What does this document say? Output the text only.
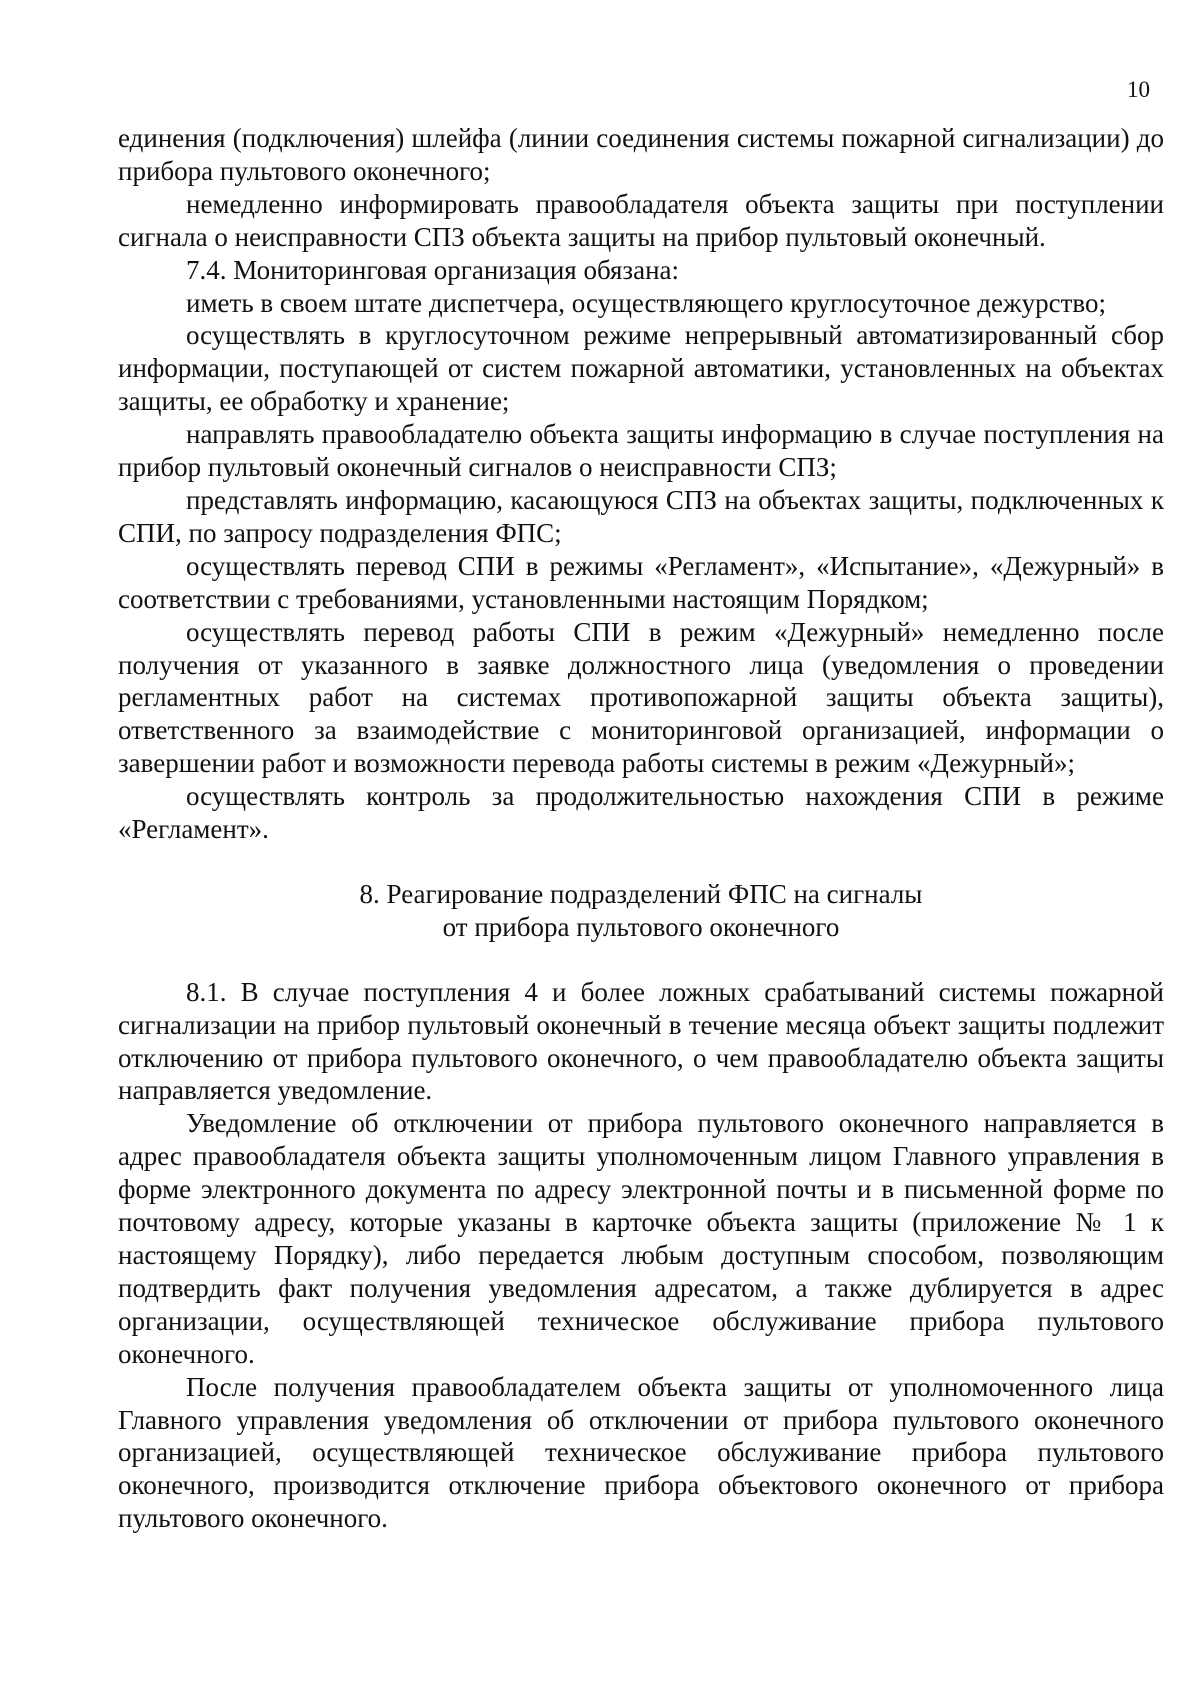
10

единения (подключения) шлейфа (линии соединения системы пожарной сигнализации) до прибора пультового оконечного;

немедленно информировать правообладателя объекта защиты при поступлении сигнала о неисправности СПЗ объекта защиты на прибор пультовый оконечный.

7.4. Мониторинговая организация обязана:

иметь в своем штате диспетчера, осуществляющего круглосуточное дежурство;

осуществлять в круглосуточном режиме непрерывный автоматизированный сбор информации, поступающей от систем пожарной автоматики, установленных на объектах защиты, ее обработку и хранение;

направлять правообладателю объекта защиты информацию в случае поступления на прибор пультовый оконечный сигналов о неисправности СПЗ;

представлять информацию, касающуюся СПЗ на объектах защиты, подключенных к СПИ, по запросу подразделения ФПС;

осуществлять перевод СПИ в режимы «Регламент», «Испытание», «Дежурный» в соответствии с требованиями, установленными настоящим Порядком;

осуществлять перевод работы СПИ в режим «Дежурный» немедленно после получения от указанного в заявке должностного лица (уведомления о проведении регламентных работ на системах противопожарной защиты объекта защиты), ответственного за взаимодействие с мониторинговой организацией, информации о завершении работ и возможности перевода работы системы в режим «Дежурный»;

осуществлять контроль за продолжительностью нахождения СПИ в режиме «Регламент».

8. Реагирование подразделений ФПС на сигналы
от прибора пультового оконечного

8.1. В случае поступления 4 и более ложных срабатываний системы пожарной сигнализации на прибор пультовый оконечный в течение месяца объект защиты подлежит отключению от прибора пультового оконечного, о чем правообладателю объекта защиты направляется уведомление.

Уведомление об отключении от прибора пультового оконечного направляется в адрес правообладателя объекта защиты уполномоченным лицом Главного управления в форме электронного документа по адресу электронной почты и в письменной форме по почтовому адресу, которые указаны в карточке объекта защиты (приложение № 1 к настоящему Порядку), либо передается любым доступным способом, позволяющим подтвердить факт получения уведомления адресатом, а также дублируется в адрес организации, осуществляющей техническое обслуживание прибора пультового оконечного.

После получения правообладателем объекта защиты от уполномоченного лица Главного управления уведомления об отключении от прибора пультового оконечного организацией, осуществляющей техническое обслуживание прибора пультового оконечного, производится отключение прибора объектового оконечного от прибора пультового оконечного.
